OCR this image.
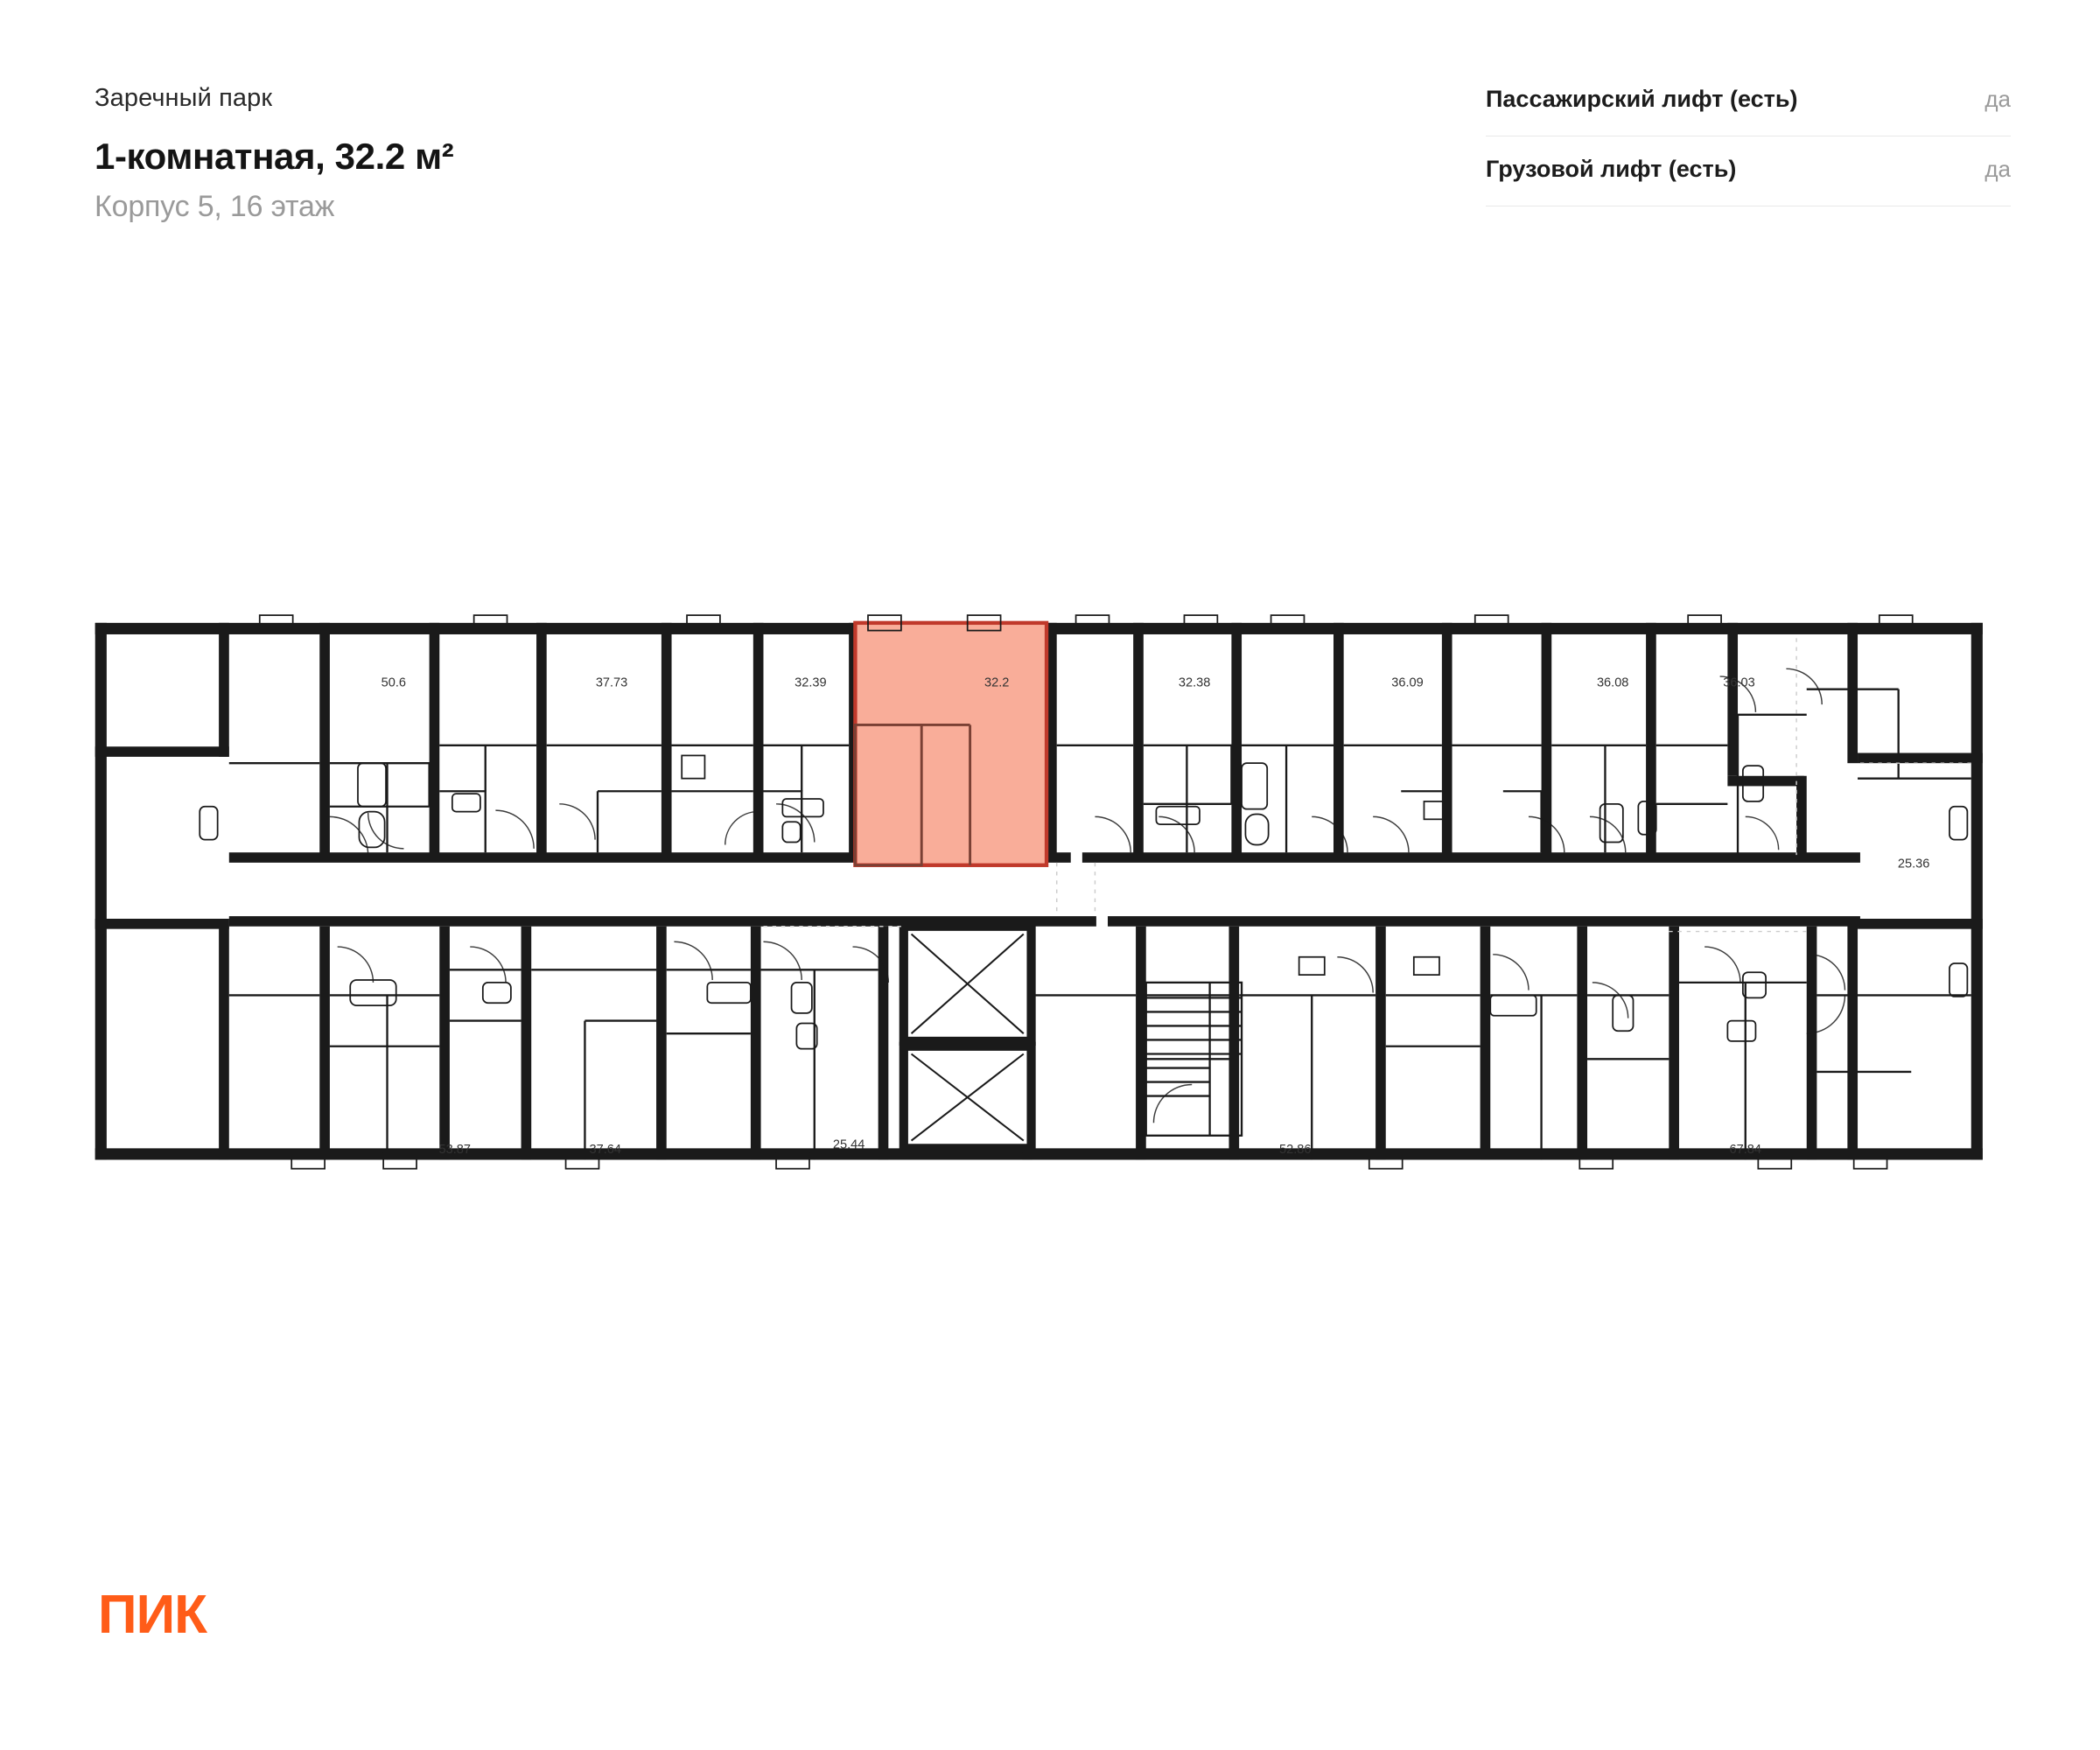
Заречный парк
1-комнатная, 32.2 м²
Корпус 5, 16 этаж
Пассажирский лифт (есть)	да
Грузовой лифт (есть)	да
50.6	37.73	32.39	32.2	32.38	36.09	36.08	36.03
25.36
53.87	37.64	25.44	52.86	67.84
ПИК
